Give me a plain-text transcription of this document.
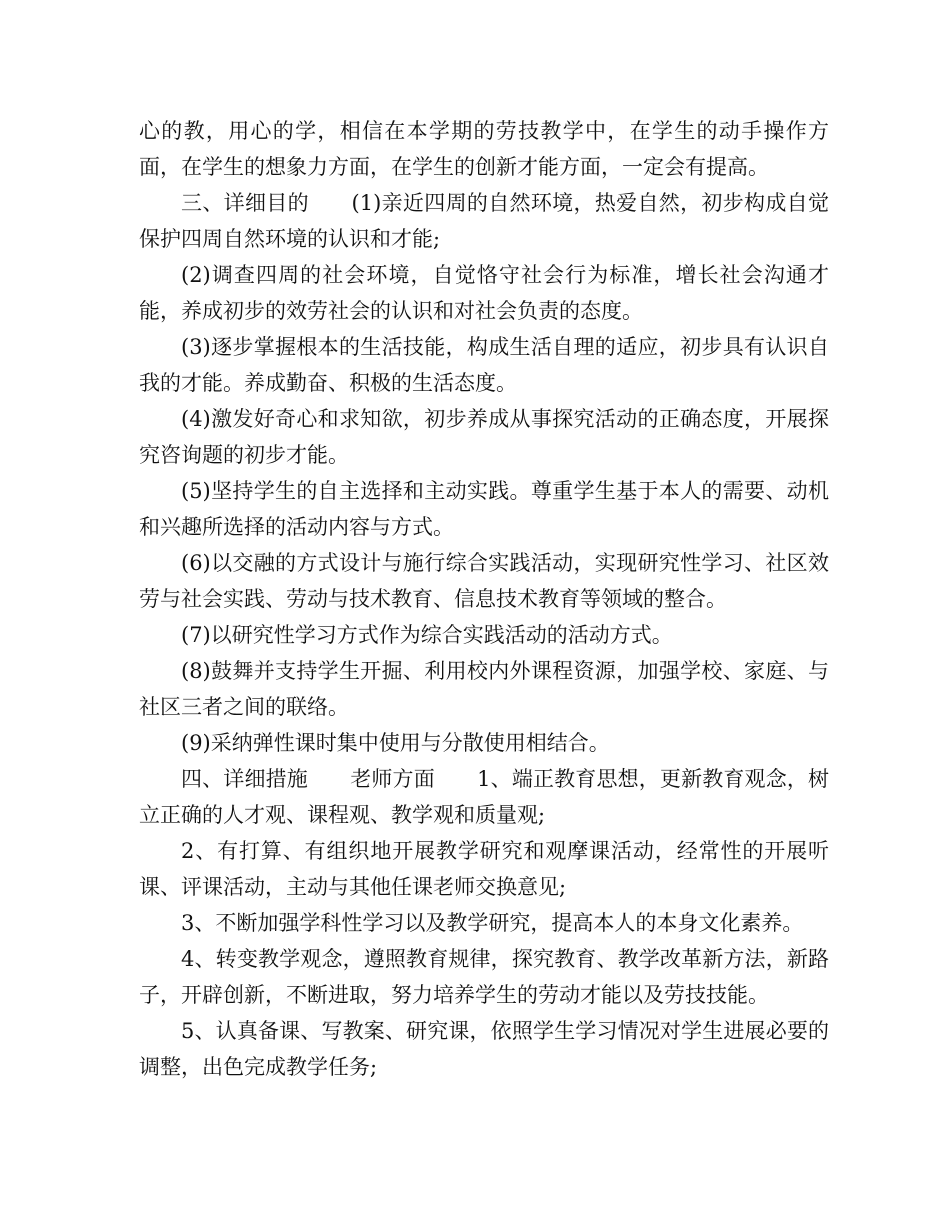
心的教，用心的学，相信在本学期的劳技教学中，在学生的动手操作方面，在学生的想象力方面，在学生的创新才能方面，一定会有提高。

三、详细目的　　(1)亲近四周的自然环境，热爱自然，初步构成自觉保护四周自然环境的认识和才能;

(2)调查四周的社会环境，自觉恪守社会行为标准，增长社会沟通才能，养成初步的效劳社会的认识和对社会负责的态度。

(3)逐步掌握根本的生活技能，构成生活自理的适应，初步具有认识自我的才能。养成勤奋、积极的生活态度。

(4)激发好奇心和求知欲，初步养成从事探究活动的正确态度，开展探究咨询题的初步才能。

(5)坚持学生的自主选择和主动实践。尊重学生基于本人的需要、动机和兴趣所选择的活动内容与方式。

(6)以交融的方式设计与施行综合实践活动，实现研究性学习、社区效劳与社会实践、劳动与技术教育、信息技术教育等领域的整合。

(7)以研究性学习方式作为综合实践活动的活动方式。

(8)鼓舞并支持学生开掘、利用校内外课程资源，加强学校、家庭、与社区三者之间的联络。

(9)采纳弹性课时集中使用与分散使用相结合。

四、详细措施　　老师方面　　1、端正教育思想，更新教育观念，树立正确的人才观、课程观、教学观和质量观;

2、有打算、有组织地开展教学研究和观摩课活动，经常性的开展听课、评课活动，主动与其他任课老师交换意见;

3、不断加强学科性学习以及教学研究，提高本人的本身文化素养。

4、转变教学观念，遵照教育规律，探究教育、教学改革新方法，新路子，开辟创新，不断进取，努力培养学生的劳动才能以及劳技技能。

5、认真备课、写教案、研究课，依照学生学习情况对学生进展必要的调整，出色完成教学任务;
